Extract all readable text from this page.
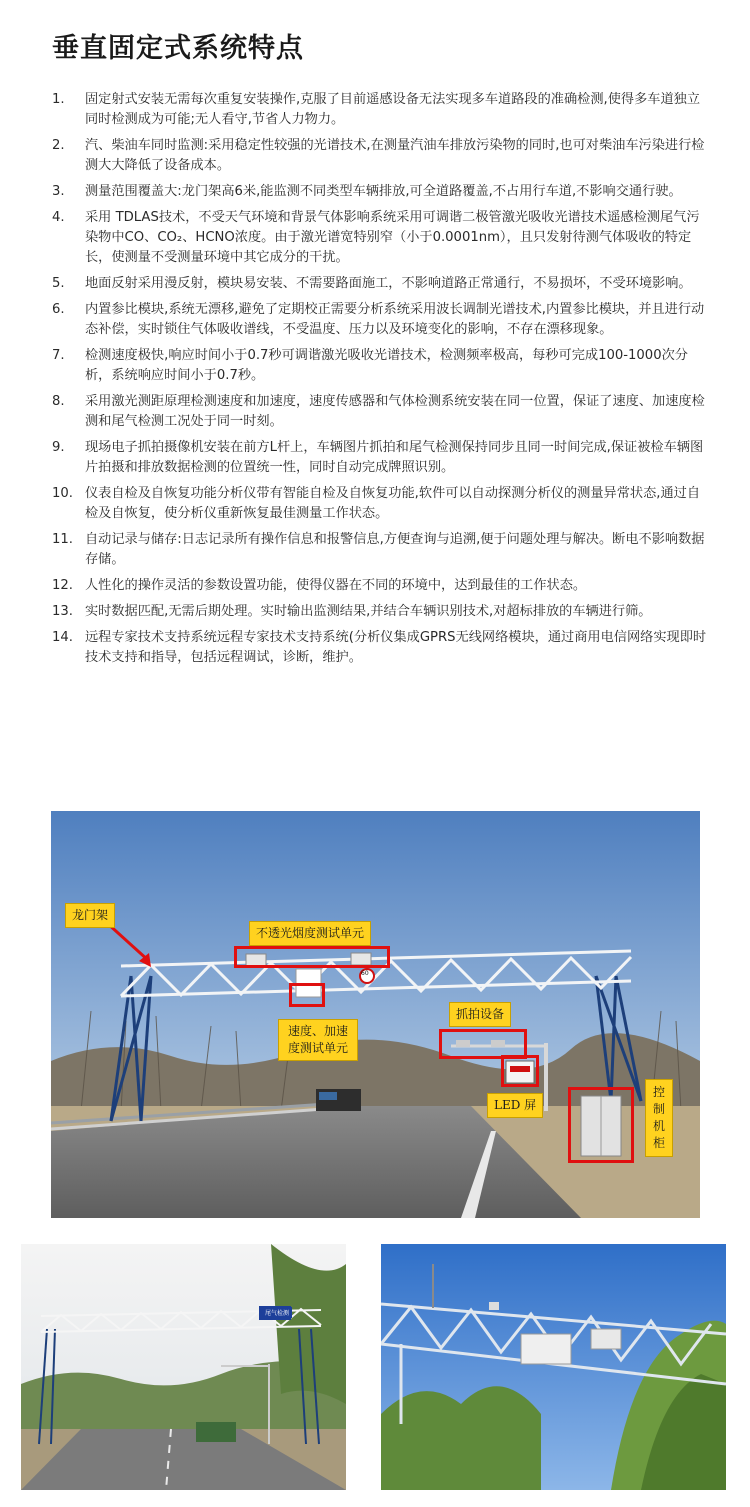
垂直固定式系统特点
1.	固定射式安装无需每次重复安装操作,克服了目前遥感设备无法实现多车道路段的准确检测,使得多车道独立同时检测成为可能;无人看守,节省人力物力。
2.	汽、柴油车同时监测:采用稳定性较强的光谱技术,在测量汽油车排放污染物的同时,也可对柴油车污染进行检测大大降低了设备成本。
3.	测量范围覆盖大:龙门架高6米,能监测不同类型车辆排放,可全道路覆盖,不占用行车道,不影响交通行驶。
4.	采用 TDLAS技术，不受天气环境和背景气体影响系统采用可调谐二极管激光吸收光谱技术遥感检测尾气污染物中CO、CO₂、HCNO浓度。由于激光谱宽特别窄（小于0.0001nm），且只发射待测气体吸收的特定长，使测量不受测量环境中其它成分的干扰。
5.	地面反射采用漫反射，模块易安装、不需要路面施工，不影响道路正常通行，不易损坏，不受环境影响。
6.	内置参比模块,系统无漂移,避免了定期校正需要分析系统采用波长调制光谱技术,内置参比模块，并且进行动态补偿，实时锁住气体吸收谱线，不受温度、压力以及环境变化的影响，不存在漂移现象。
7.	检测速度极快,响应时间小于0.7秒可调谐激光吸收光谱技术，检测频率极高，每秒可完成100-1000次分析，系统响应时间小于0.7秒。
8.	采用激光测距原理检测速度和加速度，速度传感器和气体检测系统安装在同一位置，保证了速度、加速度检测和尾气检测工况处于同一时刻。
9.	现场电子抓拍摄像机安装在前方L杆上，车辆图片抓拍和尾气检测保持同步且同一时间完成,保证被检车辆图片拍摄和排放数据检测的位置统一性，同时自动完成牌照识别。
10. 仪表自检及自恢复功能分析仪带有智能自检及自恢复功能,软件可以自动探测分析仪的测量异常状态,通过自检及自恢复，使分析仪重新恢复最佳测量工作状态。
11. 自动记录与储存:日志记录所有操作信息和报警信息,方便查询与追溯,便于问题处理与解决。断电不影响数据存储。
12. 人性化的操作灵活的参数设置功能，使得仪器在不同的环境中，达到最佳的工作状态。
13. 实时数据匹配,无需后期处理。实时输出监测结果,并结合车辆识别技术,对超标排放的车辆进行筛。
14. 远程专家技术支持系统远程专家技术支持系统(分析仪集成GPRS无线网络模块，通过商用电信网络实现即时技术支持和指导，包括远程调试，诊断，维护。
龙门架
不透光烟度测试单元
速度、加速度测试单元
抓拍设备
LED 屏
控制机柜
60
尾气检测
